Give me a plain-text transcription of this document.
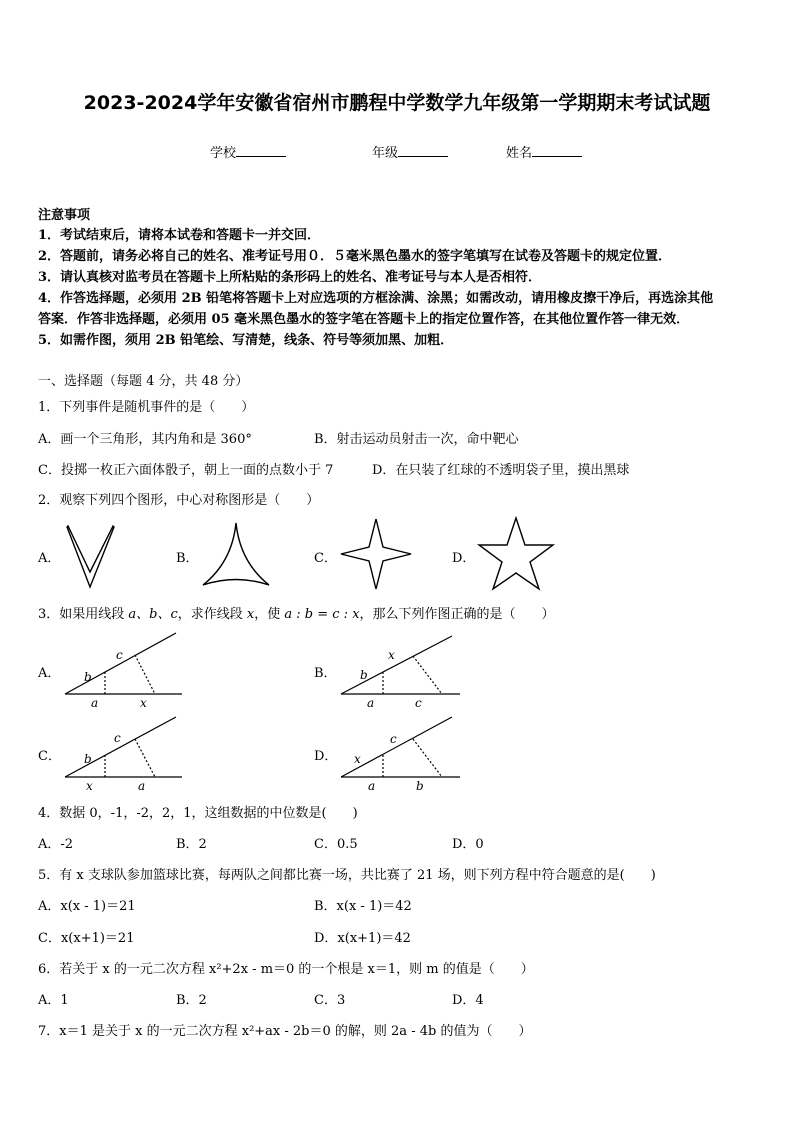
2023-2024学年安徽省宿州市鹏程中学数学九年级第一学期期末考试试题
学校	年级	姓名
注意事项
1．考试结束后，请将本试卷和答题卡一并交回．
2．答题前，请务必将自己的姓名、准考证号用０．５毫米黑色墨水的签字笔填写在试卷及答题卡的规定位置．
3．请认真核对监考员在答题卡上所粘贴的条形码上的姓名、准考证号与本人是否相符．
4．作答选择题，必须用 2B 铅笔将答题卡上对应选项的方框涂满、涂黑；如需改动，请用橡皮擦干净后，再选涂其他
答案．作答非选择题，必须用 05 毫米黑色墨水的签字笔在答题卡上的指定位置作答，在其他位置作答一律无效．
5．如需作图，须用 2B 铅笔绘、写清楚，线条、符号等须加黑、加粗．
一、选择题（每题 4 分，共 48 分）
1．下列事件是随机事件的是（　　）
A．画一个三角形，其内角和是 360°	B．射击运动员射击一次，命中靶心
C．投掷一枚正六面体骰子，朝上一面的点数小于 7	D．在只装了红球的不透明袋子里，摸出黑球
2．观察下列四个图形，中心对称图形是（　　）
A．	B．	C．	D．
3．如果用线段 a、b、c，求作线段 x，使 a : b = c : x，那么下列作图正确的是（　　）
A．
c
b
a	x
B．
x
b
a	c
C．
c
b
x	a
D．
c
x
a	b
4．数据 0，-1，-2，2，1，这组数据的中位数是(　　)
A．-2	B．2	C．0.5	D．0
5．有 x 支球队参加篮球比赛，每两队之间都比赛一场，共比赛了 21 场，则下列方程中符合题意的是(　　)
A．x(x - 1)＝21	B．x(x - 1)＝42
C．x(x+1)＝21	D．x(x+1)＝42
6．若关于 x 的一元二次方程 x²+2x - m＝0 的一个根是 x＝1，则 m 的值是（　　）
A．1	B．2	C．3	D．4
7．x＝1 是关于 x 的一元二次方程 x²+ax - 2b＝0 的解，则 2a - 4b 的值为（　　）
